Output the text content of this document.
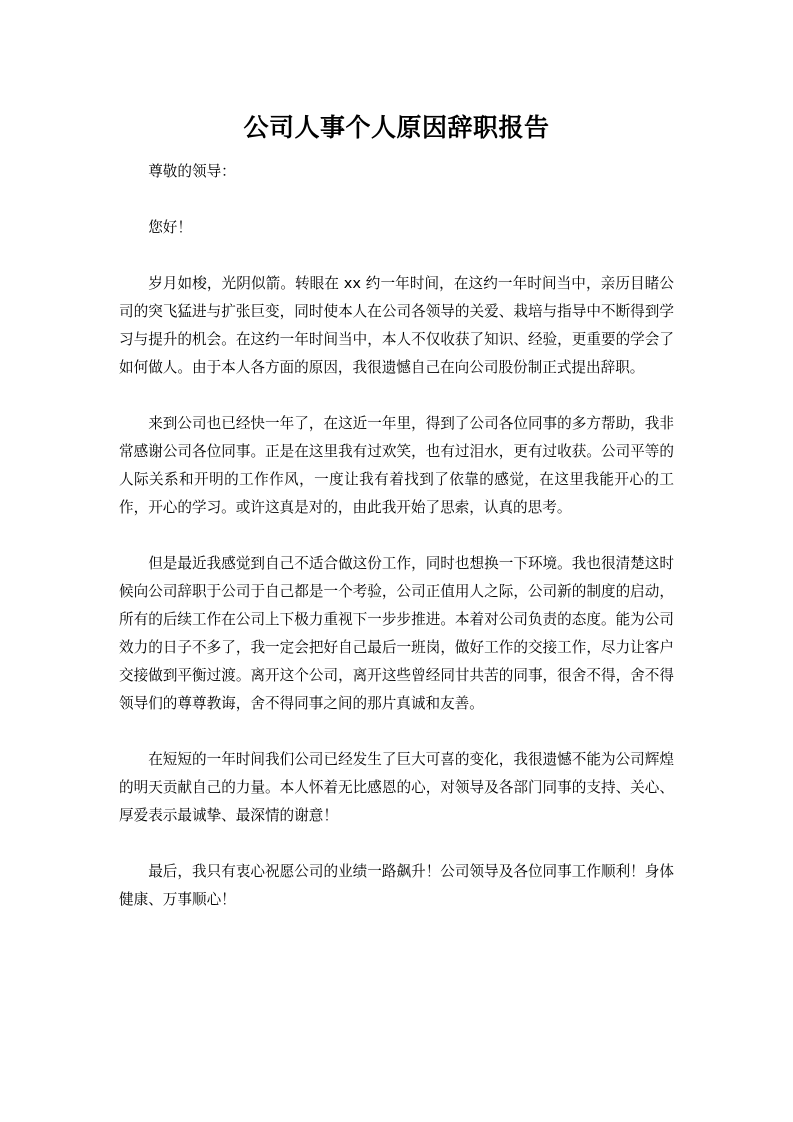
公司人事个人原因辞职报告

尊敬的领导：

您好！

岁月如梭，光阴似箭。转眼在 xx 约一年时间，在这约一年时间当中，亲历目睹公司的突飞猛进与扩张巨变，同时使本人在公司各领导的关爱、栽培与指导中不断得到学习与提升的机会。在这约一年时间当中，本人不仅收获了知识、经验，更重要的学会了如何做人。由于本人各方面的原因，我很遗憾自己在向公司股份制正式提出辞职。

来到公司也已经快一年了，在这近一年里，得到了公司各位同事的多方帮助，我非常感谢公司各位同事。正是在这里我有过欢笑，也有过泪水，更有过收获。公司平等的人际关系和开明的工作作风，一度让我有着找到了依靠的感觉，在这里我能开心的工作，开心的学习。或许这真是对的，由此我开始了思索，认真的思考。

但是最近我感觉到自己不适合做这份工作，同时也想换一下环境。我也很清楚这时候向公司辞职于公司于自己都是一个考验，公司正值用人之际，公司新的制度的启动，所有的后续工作在公司上下极力重视下一步步推进。本着对公司负责的态度。能为公司效力的日子不多了，我一定会把好自己最后一班岗，做好工作的交接工作，尽力让客户交接做到平衡过渡。离开这个公司，离开这些曾经同甘共苦的同事，很舍不得，舍不得领导们的尊尊教诲，舍不得同事之间的那片真诚和友善。

在短短的一年时间我们公司已经发生了巨大可喜的变化，我很遗憾不能为公司辉煌的明天贡献自己的力量。本人怀着无比感恩的心，对领导及各部门同事的支持、关心、厚爱表示最诚挚、最深情的谢意！

最后，我只有衷心祝愿公司的业绩一路飙升！公司领导及各位同事工作顺利！身体健康、万事顺心！
